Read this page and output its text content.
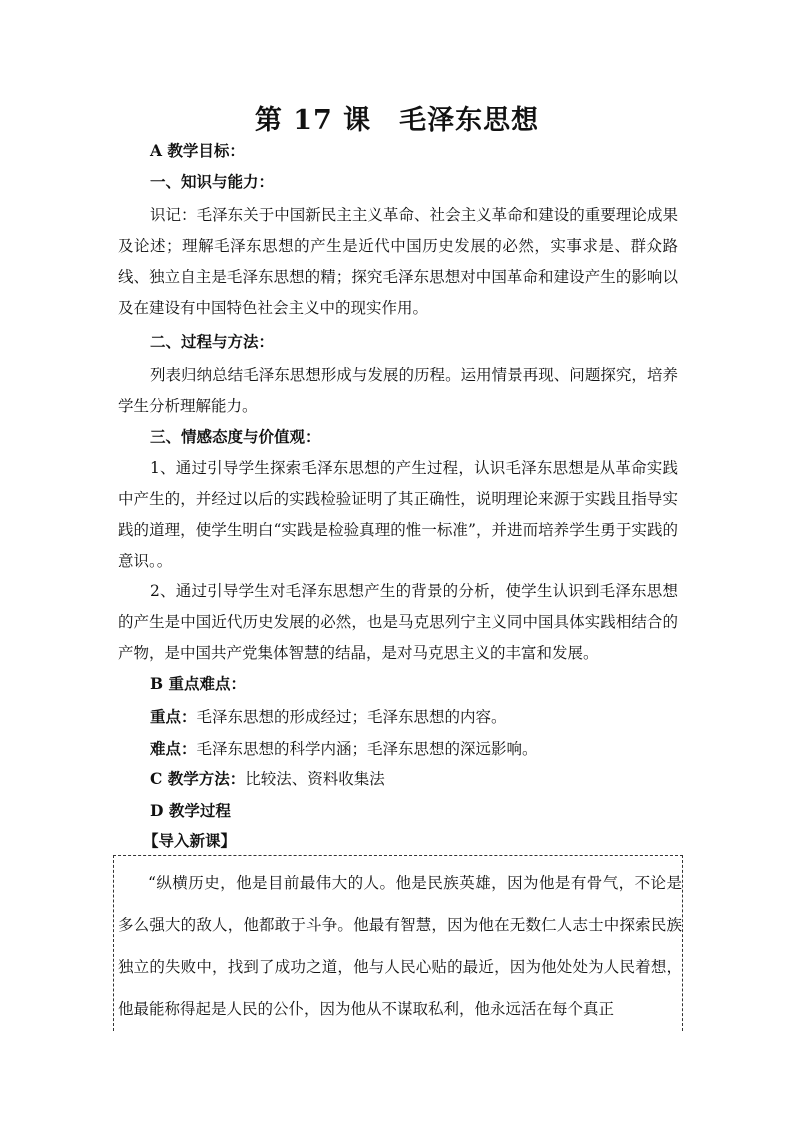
第 17 课　毛泽东思想
A 教学目标：
一、知识与能力：
识记：毛泽东关于中国新民主主义革命、社会主义革命和建设的重要理论成果及论述；理解毛泽东思想的产生是近代中国历史发展的必然，实事求是、群众路线、独立自主是毛泽东思想的精；探究毛泽东思想对中国革命和建设产生的影响以及在建设有中国特色社会主义中的现实作用。
二、过程与方法：
列表归纳总结毛泽东思想形成与发展的历程。运用情景再现、问题探究，培养学生分析理解能力。
三、情感态度与价值观：
1、通过引导学生探索毛泽东思想的产生过程，认识毛泽东思想是从革命实践中产生的，并经过以后的实践检验证明了其正确性，说明理论来源于实践且指导实践的道理，使学生明白“实践是检验真理的惟一标准”，并进而培养学生勇于实践的意识。。
2、通过引导学生对毛泽东思想产生的背景的分析，使学生认识到毛泽东思想的产生是中国近代历史发展的必然，也是马克思列宁主义同中国具体实践相结合的产物，是中国共产党集体智慧的结晶，是对马克思主义的丰富和发展。
B 重点难点：
重点：毛泽东思想的形成经过；毛泽东思想的内容。
难点：毛泽东思想的科学内涵；毛泽东思想的深远影响。
C 教学方法：比较法、资料收集法
D 教学过程
【导入新课】
“纵横历史，他是目前最伟大的人。他是民族英雄，因为他是有骨气，不论是多么强大的敌人，他都敢于斗争。他最有智慧，因为他在无数仁人志士中探索民族独立的失败中，找到了成功之道，他与人民心贴的最近，因为他处处为人民着想，他最能称得起是人民的公仆，因为他从不谋取私利，他永远活在每个真正
